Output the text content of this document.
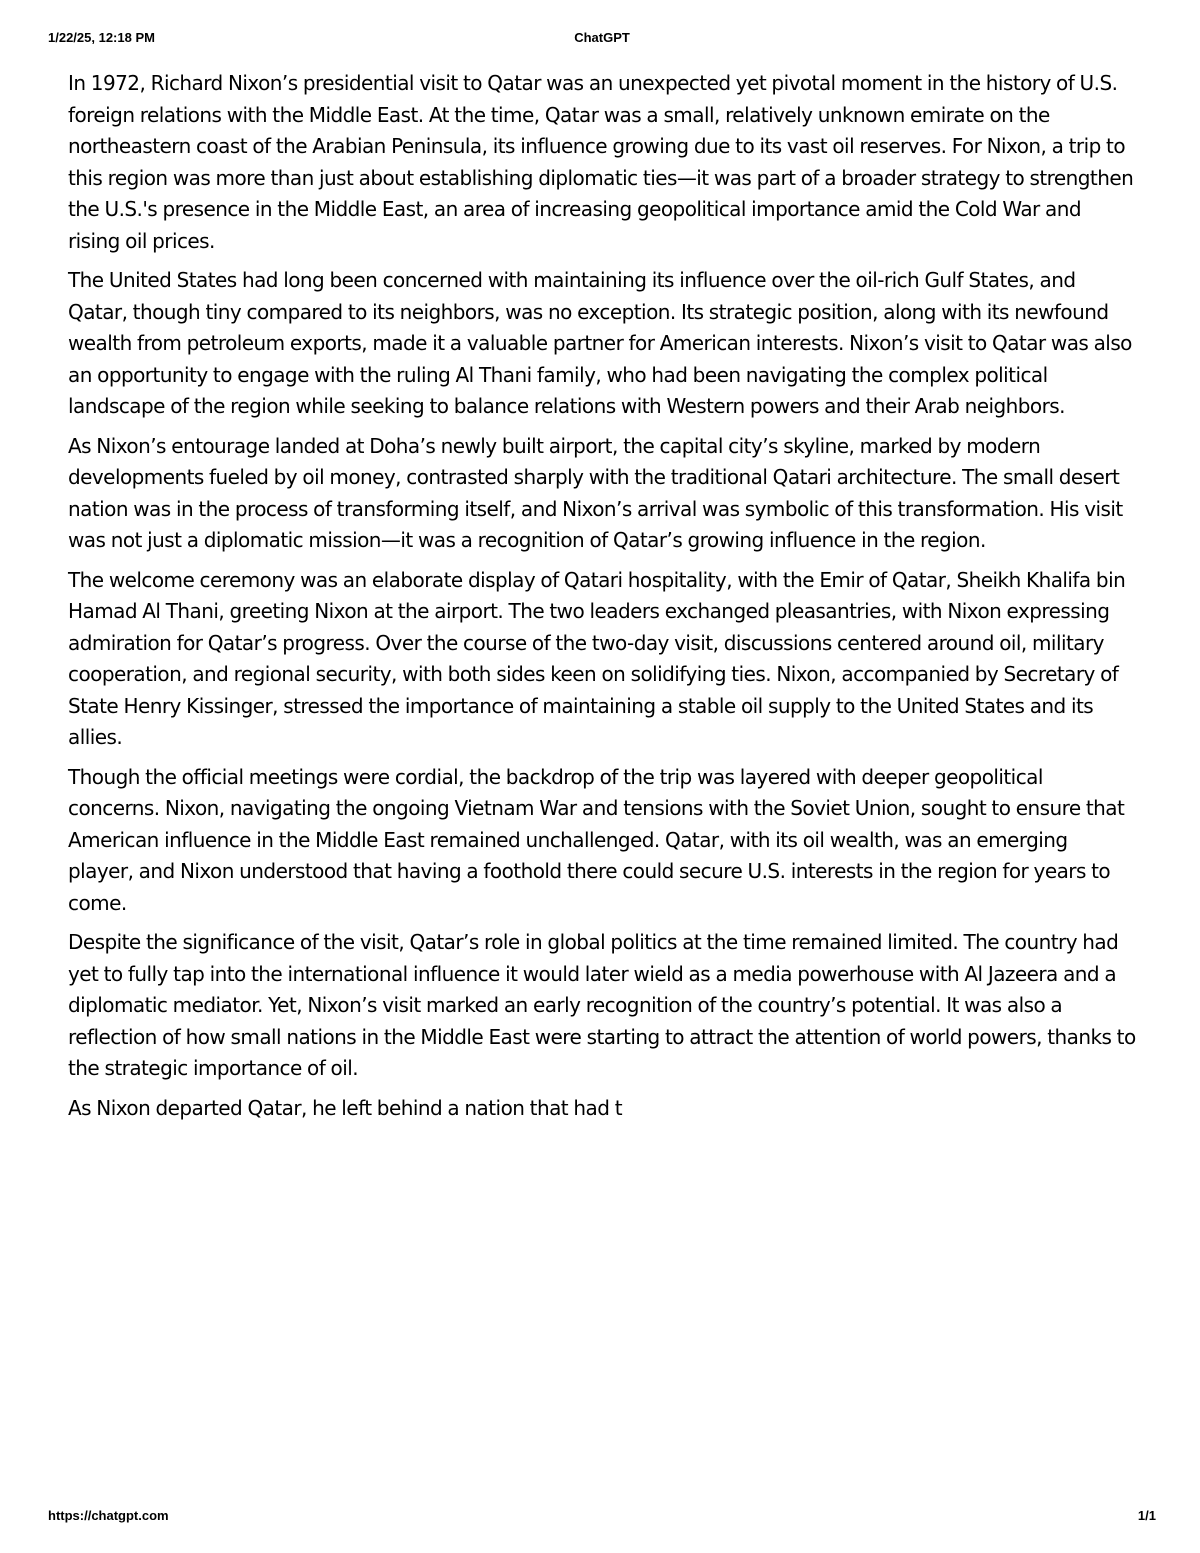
1/22/25, 12:18 PM	ChatGPT

In 1972, Richard Nixon’s presidential visit to Qatar was an unexpected yet pivotal moment in the history of U.S. foreign relations with the Middle East. At the time, Qatar was a small, relatively unknown emirate on the northeastern coast of the Arabian Peninsula, its influence growing due to its vast oil reserves. For Nixon, a trip to this region was more than just about establishing diplomatic ties—it was part of a broader strategy to strengthen the U.S.'s presence in the Middle East, an area of increasing geopolitical importance amid the Cold War and rising oil prices.

The United States had long been concerned with maintaining its influence over the oil-rich Gulf States, and Qatar, though tiny compared to its neighbors, was no exception. Its strategic position, along with its newfound wealth from petroleum exports, made it a valuable partner for American interests. Nixon’s visit to Qatar was also an opportunity to engage with the ruling Al Thani family, who had been navigating the complex political landscape of the region while seeking to balance relations with Western powers and their Arab neighbors.

As Nixon’s entourage landed at Doha’s newly built airport, the capital city’s skyline, marked by modern developments fueled by oil money, contrasted sharply with the traditional Qatari architecture. The small desert nation was in the process of transforming itself, and Nixon’s arrival was symbolic of this transformation. His visit was not just a diplomatic mission—it was a recognition of Qatar’s growing influence in the region.

The welcome ceremony was an elaborate display of Qatari hospitality, with the Emir of Qatar, Sheikh Khalifa bin Hamad Al Thani, greeting Nixon at the airport. The two leaders exchanged pleasantries, with Nixon expressing admiration for Qatar’s progress. Over the course of the two-day visit, discussions centered around oil, military cooperation, and regional security, with both sides keen on solidifying ties. Nixon, accompanied by Secretary of State Henry Kissinger, stressed the importance of maintaining a stable oil supply to the United States and its allies.

Though the official meetings were cordial, the backdrop of the trip was layered with deeper geopolitical concerns. Nixon, navigating the ongoing Vietnam War and tensions with the Soviet Union, sought to ensure that American influence in the Middle East remained unchallenged. Qatar, with its oil wealth, was an emerging player, and Nixon understood that having a foothold there could secure U.S. interests in the region for years to come.

Despite the significance of the visit, Qatar’s role in global politics at the time remained limited. The country had yet to fully tap into the international influence it would later wield as a media powerhouse with Al Jazeera and a diplomatic mediator. Yet, Nixon’s visit marked an early recognition of the country’s potential. It was also a reflection of how small nations in the Middle East were starting to attract the attention of world powers, thanks to the strategic importance of oil.

As Nixon departed Qatar, he left behind a nation that had t

https://chatgpt.com	1/1
